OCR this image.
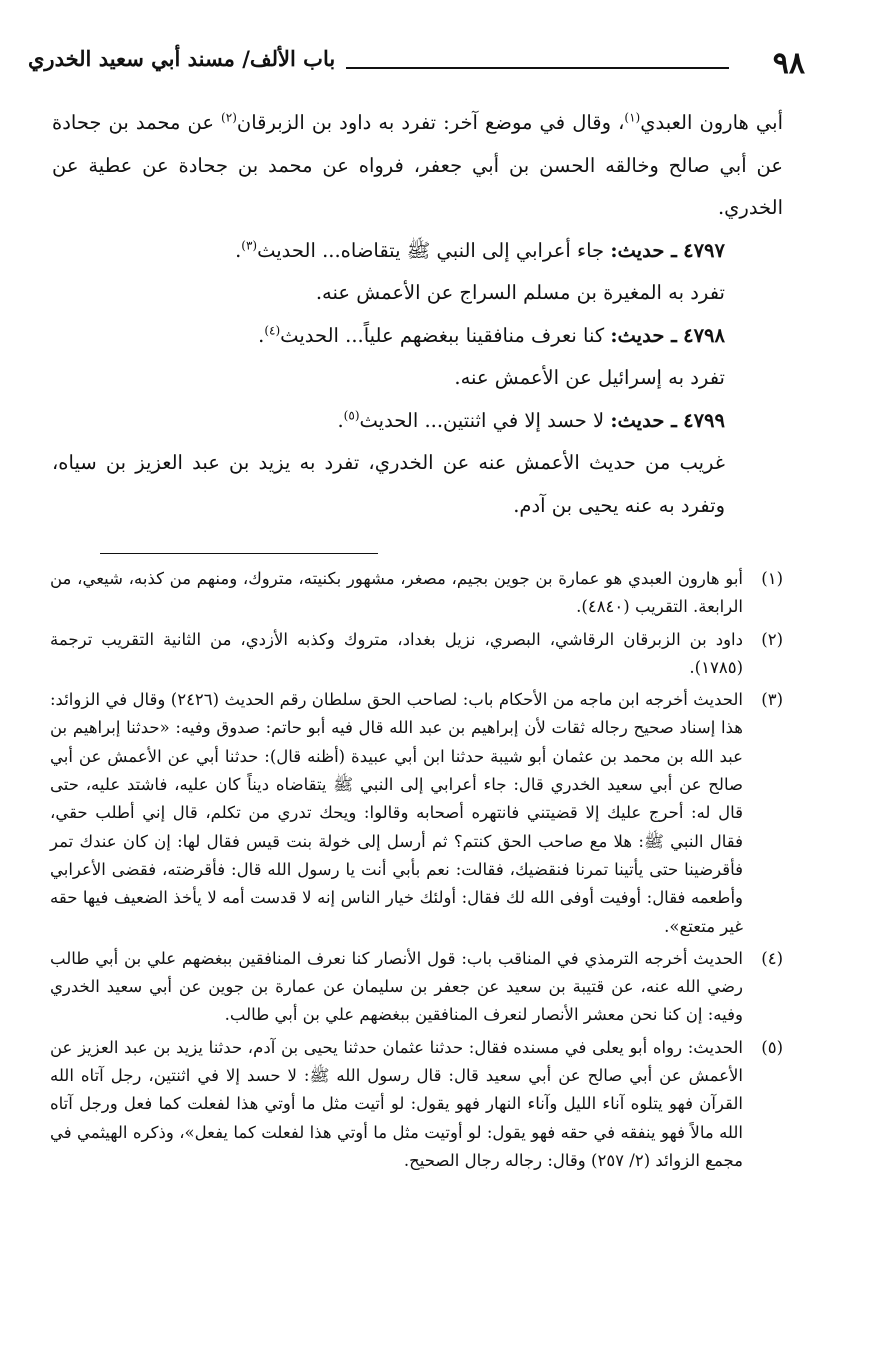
٩٨
باب الألف/ مسند أبي سعيد الخدري

أبي هارون العبدي$^{(١)}$، وقال في موضع آخر: تفرد به داود بن الزبرقان$^{(٢)}$ عن محمد بن جحادة عن أبي صالح وخالقه الحسن بن أبي جعفر، فرواه عن محمد بن جحادة عن عطية عن الخدري.

٤٧٩٧ ـ حديث: جاء أعرابي إلى النبي ﷺ يتقاضاه... الحديث$^{(٣)}$.

تفرد به المغيرة بن مسلم السراج عن الأعمش عنه.

٤٧٩٨ ـ حديث: كنا نعرف منافقينا ببغضهم علياً... الحديث$^{(٤)}$.

تفرد به إسرائيل عن الأعمش عنه.

٤٧٩٩ ـ حديث: لا حسد إلا في اثنتين... الحديث$^{(٥)}$.

غريب من حديث الأعمش عنه عن الخدري، تفرد به يزيد بن عبد العزيز بن سياه، وتفرد به عنه يحيى بن آدم.

(١)
أبو هارون العبدي هو عمارة بن جوين بجيم، مصغر، مشهور بكنيته، متروك، ومنهم من كذبه، شيعي، من الرابعة. التقريب (٤٨٤٠).
(٢)
داود بن الزبرقان الرقاشي، البصري، نزيل بغداد، متروك وكذبه الأزدي، من الثانية التقريب ترجمة (١٧٨٥).
(٣)
الحديث أخرجه ابن ماجه من الأحكام باب: لصاحب الحق سلطان رقم الحديث (٢٤٢٦) وقال في الزوائد: هذا إسناد صحيح رجاله ثقات لأن إبراهيم بن عبد الله قال فيه أبو حاتم: صدوق وفيه: «حدثنا إبراهيم بن عبد الله بن محمد بن عثمان أبو شيبة حدثنا ابن أبي عبيدة (أظنه قال): حدثنا أبي عن الأعمش عن أبي صالح عن أبي سعيد الخدري قال: جاء أعرابي إلى النبي ﷺ يتقاضاه ديناً كان عليه، فاشتد عليه، حتى قال له: أحرج عليك إلا قضيتني فانتهره أصحابه وقالوا: ويحك تدري من تكلم، قال إني أطلب حقي، فقال النبي ﷺ: هلا مع صاحب الحق كنتم؟ ثم أرسل إلى خولة بنت قيس فقال لها: إن كان عندك تمر فأقرضينا حتى يأتينا تمرنا فنقضيك، فقالت: نعم بأبي أنت يا رسول الله قال: فأقرضته، فقضى الأعرابي وأطعمه فقال: أوفيت أوفى الله لك فقال: أولئك خيار الناس إنه لا قدست أمه لا يأخذ الضعيف فيها حقه غير متعتع».
(٤)
الحديث أخرجه الترمذي في المناقب باب: قول الأنصار كنا نعرف المنافقين ببغضهم علي بن أبي طالب رضي الله عنه، عن قتيبة بن سعيد عن جعفر بن سليمان عن عمارة بن جوين عن أبي سعيد الخدري وفيه: إن كنا نحن معشر الأنصار لنعرف المنافقين ببغضهم علي بن أبي طالب.
(٥)
الحديث: رواه أبو يعلى في مسنده فقال: حدثنا عثمان حدثنا يحيى بن آدم، حدثنا يزيد بن عبد العزيز عن الأعمش عن أبي صالح عن أبي سعيد قال: قال رسول الله ﷺ: لا حسد إلا في اثنتين، رجل آتاه الله القرآن فهو يتلوه آناء الليل وآناء النهار فهو يقول: لو أتيت مثل ما أوتي هذا لفعلت كما فعل ورجل آتاه الله مالاً فهو ينفقه في حقه فهو يقول: لو أوتيت مثل ما أوتي هذا لفعلت كما يفعل»، وذكره الهيثمي في مجمع الزوائد (٢/ ٢٥٧) وقال: رجاله رجال الصحيح.
